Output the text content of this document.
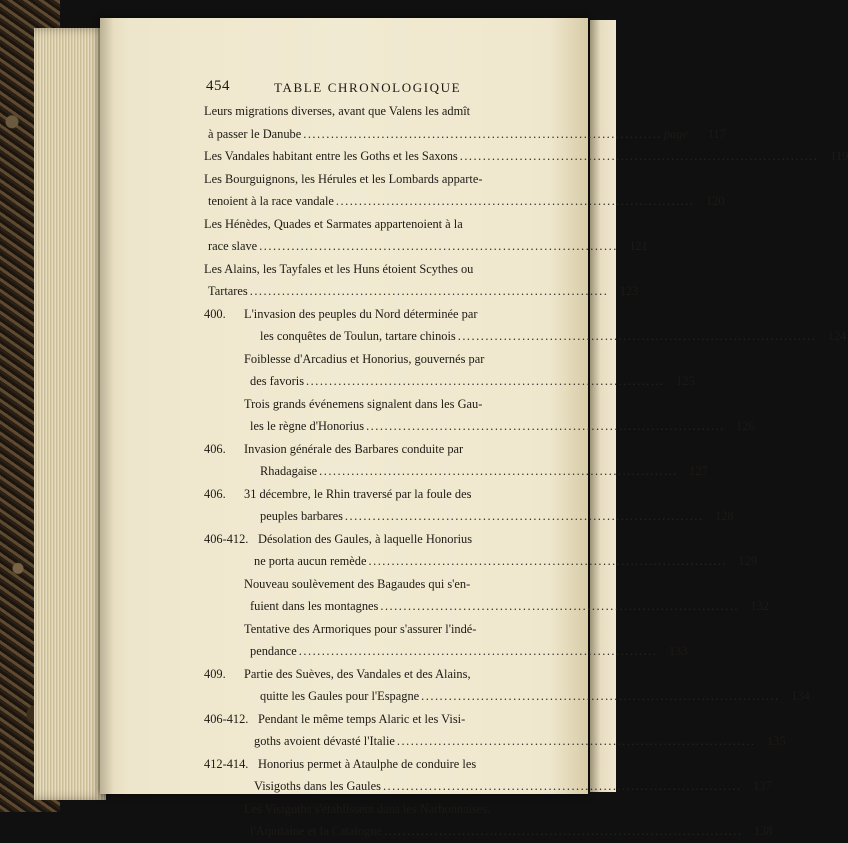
454	TABLE CHRONOLOGIQUE
Leurs migrations diverses, avant que Valens les admît
à passer le Danube .............................................................................. page	117
Les Vandales habitant entre les Goths et les Saxons .............................................................................. 119
Les Bourguignons, les Hérules et les Lombards apparte-
tenoient à la race vandale .............................................................................. 120
Les Hénèdes, Quades et Sarmates appartenoient à la
race slave .............................................................................. 121
Les Alains, les Tayfales et les Huns étoient Scythes ou
Tartares .............................................................................. 123
400. L'invasion des peuples du Nord déterminée par
les conquêtes de Toulun, tartare chinois .............................................................................. 124
Foiblesse d'Arcadius et Honorius, gouvernés par
des favoris .............................................................................. 125
Trois grands événemens signalent dans les Gau-
les le règne d'Honorius .............................................................................. 126
406. Invasion générale des Barbares conduite par
Rhadagaise .............................................................................. 127
406. 31 décembre, le Rhin traversé par la foule des
peuples barbares .............................................................................. 128
406-412. Désolation des Gaules, à laquelle Honorius
ne porta aucun remède .............................................................................. 129
Nouveau soulèvement des Bagaudes qui s'en-
fuient dans les montagnes .............................................................................. 132
Tentative des Armoriques pour s'assurer l'indé-
pendance .............................................................................. 133
409. Partie des Suèves, des Vandales et des Alains,
quitte les Gaules pour l'Espagne .............................................................................. 134
406-412. Pendant le même temps Alaric et les Visi-
goths avoient dévasté l'Italie .............................................................................. 135
412-414. Honorius permet à Ataulphe de conduire les
Visigoths dans les Gaules .............................................................................. 137
Les Visigoths s'établissent dans les Narbonnaises,
l'Aquitaine et la Catalogne .............................................................................. 138
